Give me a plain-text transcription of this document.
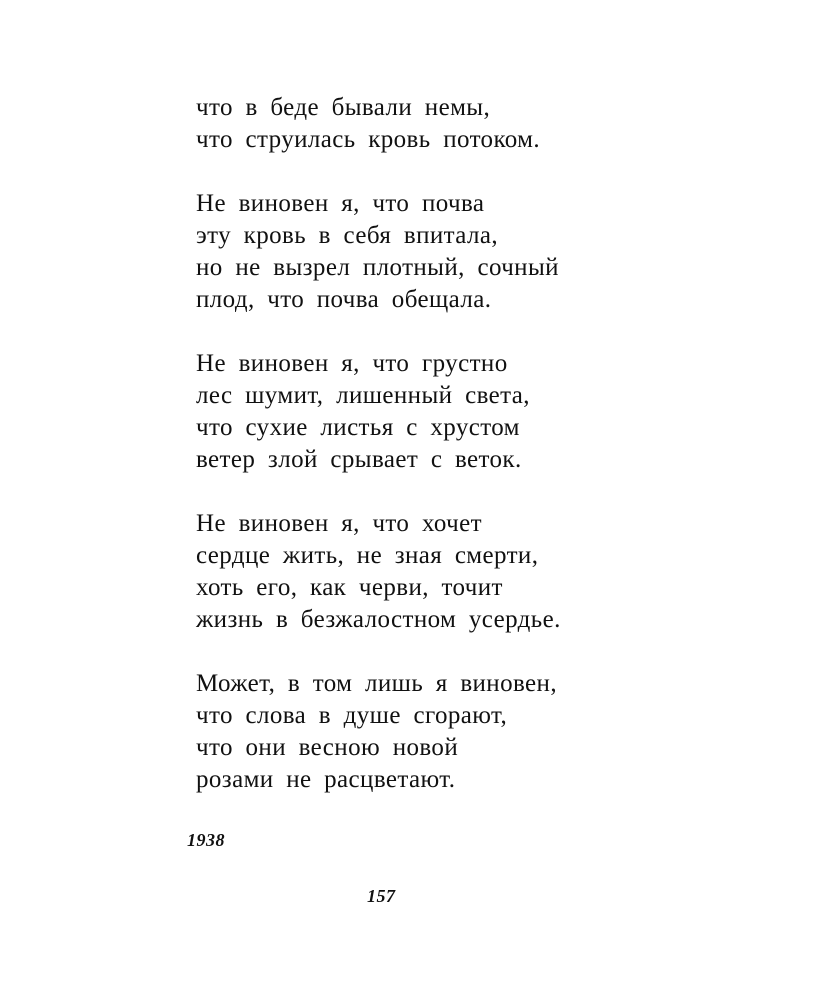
что в беде бывали немы,
что струилась кровь потоком.
Не виновен я, что почва
эту кровь в себя впитала,
но не вызрел плотный, сочный
плод, что почва обещала.
Не виновен я, что грустно
лес шумит, лишенный света,
что сухие листья с хрустом
ветер злой срывает с веток.
Не виновен я, что хочет
сердце жить, не зная смерти,
хоть его, как черви, точит
жизнь в безжалостном усердье.
Может, в том лишь я виновен,
что слова в душе сгорают,
что они весною новой
розами не расцветают.
1938
157
